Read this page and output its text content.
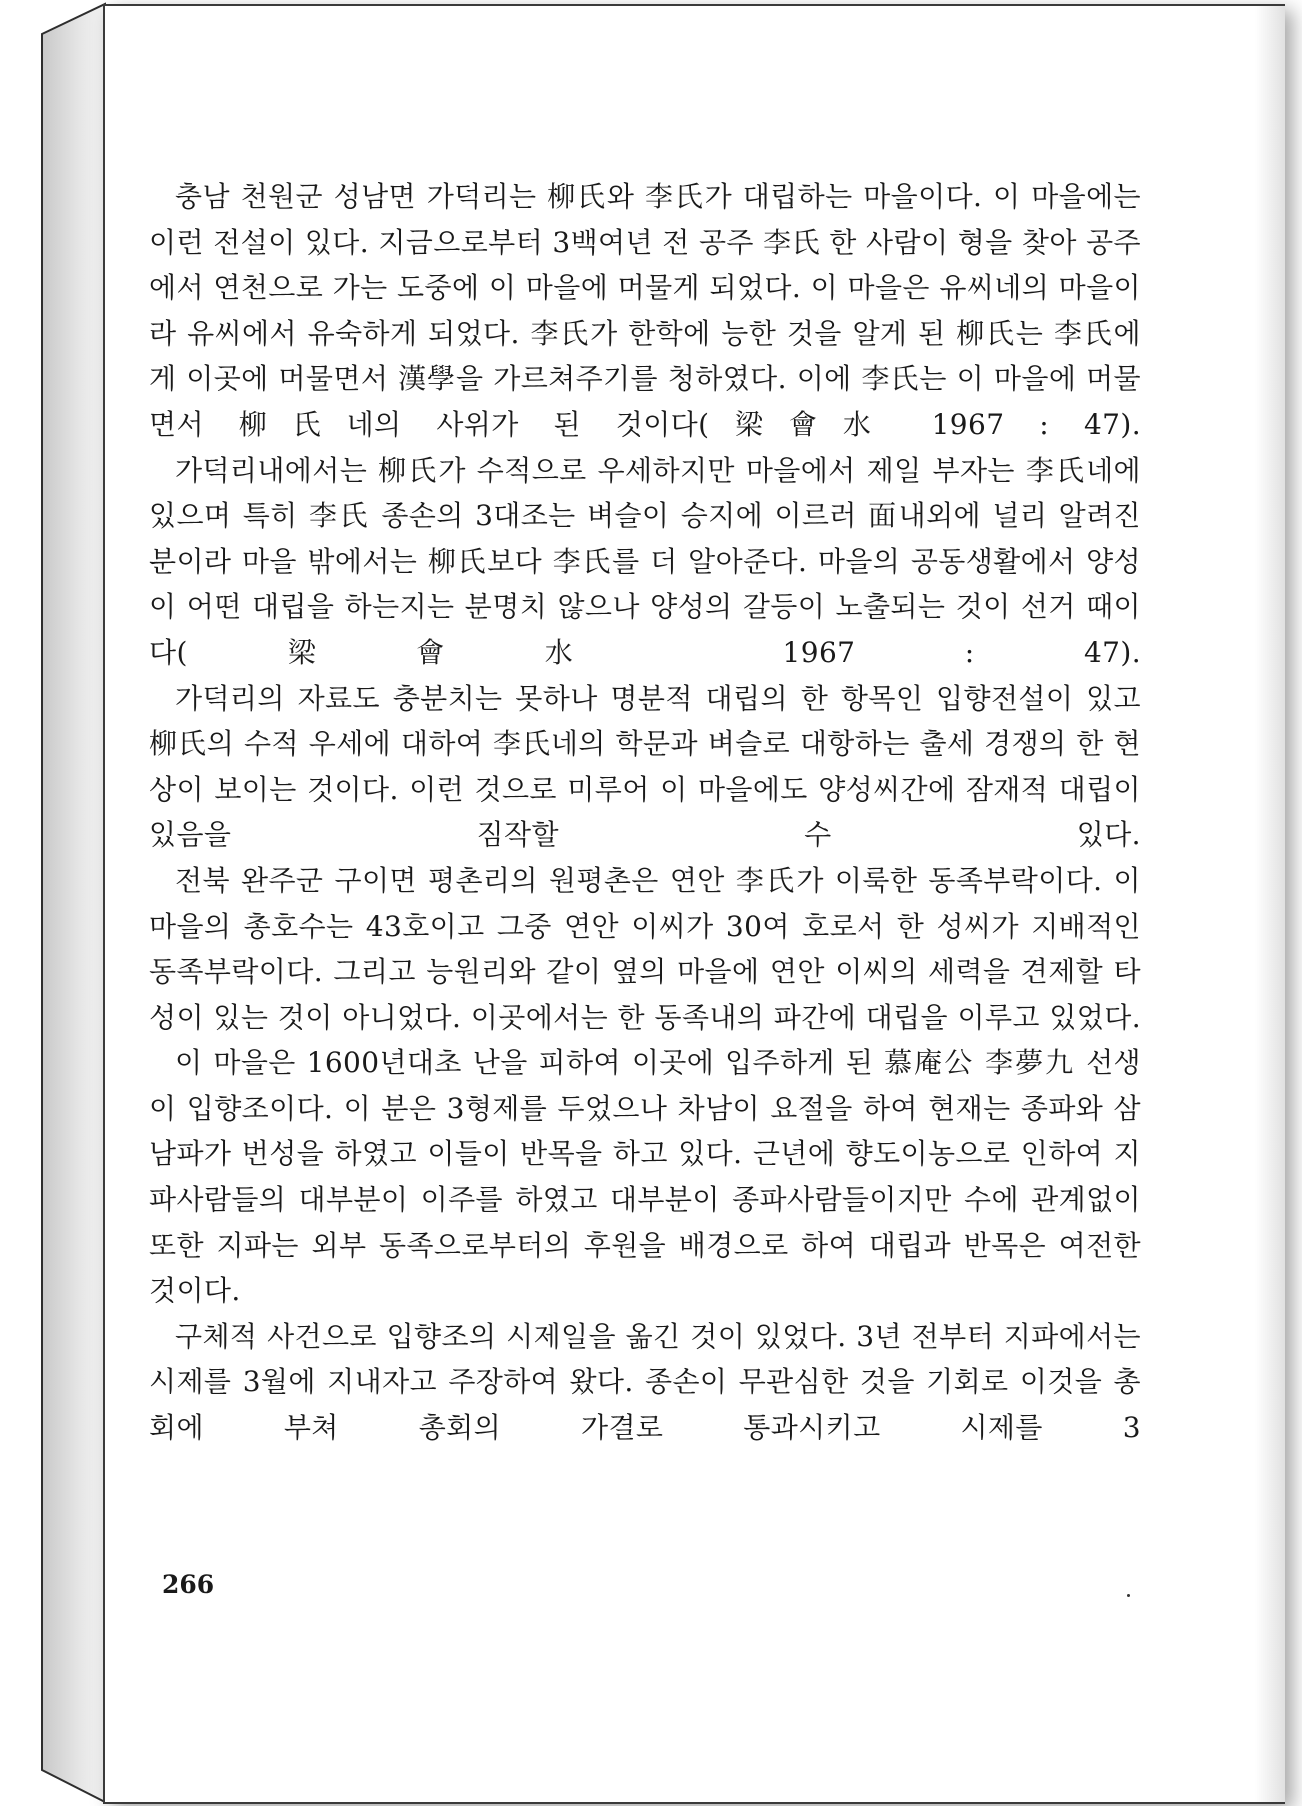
충남 천원군 성남면 가덕리는 柳氏와 李氏가 대립하는 마을이다. 이 마을에는 이런 전설이 있다. 지금으로부터 3백여년 전 공주 李氏 한 사람이 형을 찾아 공주에서 연천으로 가는 도중에 이 마을에 머물게 되었다. 이 마을은 유씨네의 마을이라 유씨에서 유숙하게 되었다. 李氏가 한학에 능한 것을 알게 된 柳氏는 李氏에게 이곳에 머물면서 漢學을 가르쳐주기를 청하였다. 이에 李氏는 이 마을에 머물면서 柳氏네의 사위가 된 것이다(梁會水 1967 : 47).

가덕리내에서는 柳氏가 수적으로 우세하지만 마을에서 제일 부자는 李氏네에 있으며 특히 李氏 종손의 3대조는 벼슬이 승지에 이르러 面내외에 널리 알려진 분이라 마을 밖에서는 柳氏보다 李氏를 더 알아준다. 마을의 공동생활에서 양성이 어떤 대립을 하는지는 분명치 않으나 양성의 갈등이 노출되는 것이 선거 때이다(梁會水 1967 : 47).

가덕리의 자료도 충분치는 못하나 명분적 대립의 한 항목인 입향전설이 있고 柳氏의 수적 우세에 대하여 李氏네의 학문과 벼슬로 대항하는 출세 경쟁의 한 현상이 보이는 것이다. 이런 것으로 미루어 이 마을에도 양성씨간에 잠재적 대립이 있음을 짐작할 수 있다.

전북 완주군 구이면 평촌리의 원평촌은 연안 李氏가 이룩한 동족부락이다. 이 마을의 총호수는 43호이고 그중 연안 이씨가 30여 호로서 한 성씨가 지배적인 동족부락이다. 그리고 능원리와 같이 옆의 마을에 연안 이씨의 세력을 견제할 타성이 있는 것이 아니었다. 이곳에서는 한 동족내의 파간에 대립을 이루고 있었다.

이 마을은 1600년대초 난을 피하여 이곳에 입주하게 된 慕庵公 李夢九 선생이 입향조이다. 이 분은 3형제를 두었으나 차남이 요절을 하여 현재는 종파와 삼남파가 번성을 하였고 이들이 반목을 하고 있다. 근년에 향도이농으로 인하여 지파사람들의 대부분이 이주를 하였고 대부분이 종파사람들이지만 수에 관계없이 또한 지파는 외부 동족으로부터의 후원을 배경으로 하여 대립과 반목은 여전한 것이다.

구체적 사건으로 입향조의 시제일을 옮긴 것이 있었다. 3년 전부터 지파에서는 시제를 3월에 지내자고 주장하여 왔다. 종손이 무관심한 것을 기회로 이것을 총회에 부쳐 총회의 가결로 통과시키고 시제를 3

266
